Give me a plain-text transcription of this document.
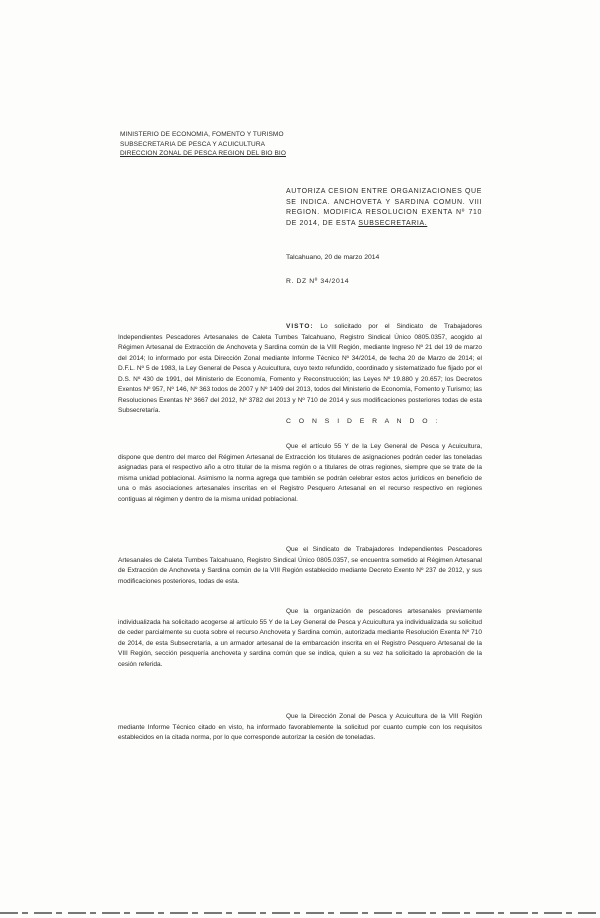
MINISTERIO DE ECONOMIA, FOMENTO Y TURISMO
SUBSECRETARIA DE PESCA Y ACUICULTURA
DIRECCION ZONAL DE PESCA REGION DEL BIO BIO
AUTORIZA CESION ENTRE ORGANIZACIONES QUE SE INDICA. ANCHOVETA Y SARDINA COMUN. VIII REGION. MODIFICA RESOLUCION EXENTA Nº 710 DE 2014, DE ESTA SUBSECRETARIA.
Talcahuano, 20 de marzo 2014
R. DZ Nº 34/2014

VISTO: Lo solicitado por el Sindicato de Trabajadores Independientes Pescadores Artesanales de Caleta Tumbes Talcahuano, Registro Sindical Único 0805.0357, acogido al Régimen Artesanal de Extracción de Anchoveta y Sardina común de la VIII Región, mediante Ingreso Nº 21 del 19 de marzo del 2014; lo informado por esta Dirección Zonal mediante Informe Técnico Nº 34/2014, de fecha 20 de Marzo de 2014; el D.F.L. Nº 5 de 1983, la Ley General de Pesca y Acuicultura, cuyo texto refundido, coordinado y sistematizado fue fijado por el D.S. Nº 430 de 1991, del Ministerio de Economía, Fomento y Reconstrucción; las Leyes Nº 19.880 y 20.657; los Decretos Exentos Nº 957, Nº 146, Nº 363 todos de 2007 y Nº 1409 del 2013, todos del Ministerio de Economía, Fomento y Turismo; las Resoluciones Exentas Nº 3667 del 2012, Nº 3782 del 2013 y Nº 710 de 2014 y sus modificaciones posteriores todas de esta Subsecretaría.

C O N S I D E R A N D O :

Que el artículo 55 Y de la Ley General de Pesca y Acuicultura, dispone que dentro del marco del Régimen Artesanal de Extracción los titulares de asignaciones podrán ceder las toneladas asignadas para el respectivo año a otro titular de la misma región o a titulares de otras regiones, siempre que se trate de la misma unidad poblacional. Asimismo la norma agrega que también se podrán celebrar estos actos jurídicos en beneficio de una o más asociaciones artesanales inscritas en el Registro Pesquero Artesanal en el recurso respectivo en regiones contiguas al régimen y dentro de la misma unidad poblacional.

Que el Sindicato de Trabajadores Independientes Pescadores Artesanales de Caleta Tumbes Talcahuano, Registro Sindical Único 0805.0357, se encuentra sometido al Régimen Artesanal de Extracción de Anchoveta y Sardina común de la VIII Región establecido mediante Decreto Exento Nº 237 de 2012, y sus modificaciones posteriores, todas de esta.

Que la organización de pescadores artesanales previamente individualizada ha solicitado acogerse al artículo 55 Y de la Ley General de Pesca y Acuicultura ya individualizada su solicitud de ceder parcialmente su cuota sobre el recurso Anchoveta y Sardina común, autorizada mediante Resolución Exenta Nº 710 de 2014, de esta Subsecretaría, a un armador artesanal de la embarcación inscrita en el Registro Pesquero Artesanal de la VIII Región, sección pesquería anchoveta y sardina común que se indica, quien a su vez ha solicitado la aprobación de la cesión referida.

Que la Dirección Zonal de Pesca y Acuicultura de la VIII Región mediante Informe Técnico citado en visto, ha informado favorablemente la solicitud por cuanto cumple con los requisitos establecidos en la citada norma, por lo que corresponde autorizar la cesión de toneladas.
